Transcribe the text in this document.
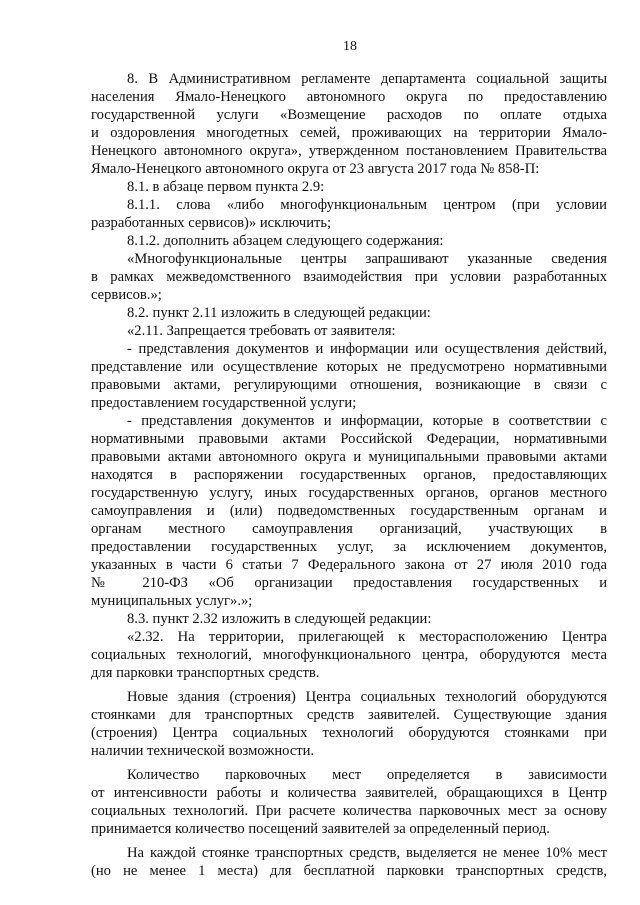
18
8. В Административном регламенте департамента социальной защиты
населения Ямало-Ненецкого автономного округа по предоставлению
государственной услуги «Возмещение расходов по оплате отдыха
и оздоровления многодетных семей, проживающих на территории Ямало-
Ненецкого автономного округа», утвержденном постановлением Правительства
Ямало-Ненецкого автономного округа от 23 августа 2017 года № 858-П:
8.1. в абзаце первом пункта 2.9:
8.1.1. слова «либо многофункциональным центром (при условии
разработанных сервисов)» исключить;
8.1.2. дополнить абзацем следующего содержания:
«Многофункциональные центры запрашивают указанные сведения
в рамках межведомственного взаимодействия при условии разработанных
сервисов.»;
8.2. пункт 2.11 изложить в следующей редакции:
«2.11. Запрещается требовать от заявителя:
- представления документов и информации или осуществления действий,
представление или осуществление которых не предусмотрено нормативными
правовыми актами, регулирующими отношения, возникающие в связи с
предоставлением государственной услуги;
- представления документов и информации, которые в соответствии с
нормативными правовыми актами Российской Федерации, нормативными
правовыми актами автономного округа и муниципальными правовыми актами
находятся в распоряжении государственных органов, предоставляющих
государственную услугу, иных государственных органов, органов местного
самоуправления и (или) подведомственных государственным органам и
органам местного самоуправления организаций, участвующих в
предоставлении государственных услуг, за исключением документов,
указанных в части 6 статьи 7 Федерального закона от 27 июля 2010 года
№ 210-ФЗ «Об организации предоставления государственных и
муниципальных услуг».»;
8.3. пункт 2.32 изложить в следующей редакции:
«2.32. На территории, прилегающей к месторасположению Центра
социальных технологий, многофункционального центра, оборудуются места
для парковки транспортных средств.
Новые здания (строения) Центра социальных технологий оборудуются
стоянками для транспортных средств заявителей. Существующие здания
(строения) Центра социальных технологий оборудуются стоянками при
наличии технической возможности.
Количество парковочных мест определяется в зависимости
от интенсивности работы и количества заявителей, обращающихся в Центр
социальных технологий. При расчете количества парковочных мест за основу
принимается количество посещений заявителей за определенный период.
На каждой стоянке транспортных средств, выделяется не менее 10% мест
(но не менее 1 места) для бесплатной парковки транспортных средств,
